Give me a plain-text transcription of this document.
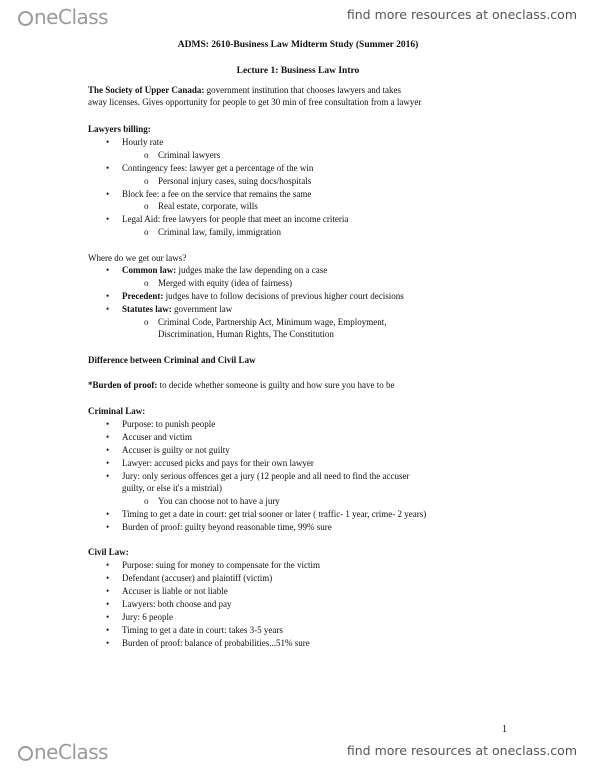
neClass	find more resources at oneclass.com
ADMS: 2610-Business Law Midterm Study (Summer 2016)
Lecture 1: Business Law Intro
The Society of Upper Canada: government institution that chooses lawyers and takes
away licenses. Gives opportunity for people to get 30 min of free consultation from a lawyer
Lawyers billing:
• Hourly rate
o Criminal lawyers
• Contingency fees: lawyer get a percentage of the win
o Personal injury cases, suing docs/hospitals
• Block fee: a fee on the service that remains the same
o Real estate, corporate, wills
• Legal Aid: free lawyers for people that meet an income criteria
o Criminal law, family, immigration
Where do we get our laws?
• Common law: judges make the law depending on a case
o Merged with equity (idea of fairness)
• Precedent: judges have to follow decisions of previous higher court decisions
• Statutes law: government law
o Criminal Code, Partnership Act, Minimum wage, Employment,
Discrimination, Human Rights, The Constitution
Difference between Criminal and Civil Law
*Burden of proof: to decide whether someone is guilty and how sure you have to be
Criminal Law:
• Purpose: to punish people
• Accuser and victim
• Accuser is guilty or not guilty
• Lawyer: accused picks and pays for their own lawyer
• Jury: only serious offences get a jury (12 people and all need to find the accuser
guilty, or else it's a mistrial)
o You can choose not to have a jury
• Timing to get a date in court: get trial sooner or later ( traffic- 1 year, crime- 2 years)
• Burden of proof: guilty beyond reasonable time, 99% sure
Civil Law:
• Purpose: suing for money to compensate for the victim
• Defendant (accuser) and plaintiff (victim)
• Accuser is liable or not liable
• Lawyers: both choose and pay
• Jury: 6 people
• Timing to get a date in court: takes 3-5 years
• Burden of proof: balance of probabilities...51% sure
1
neClass	find more resources at oneclass.com
